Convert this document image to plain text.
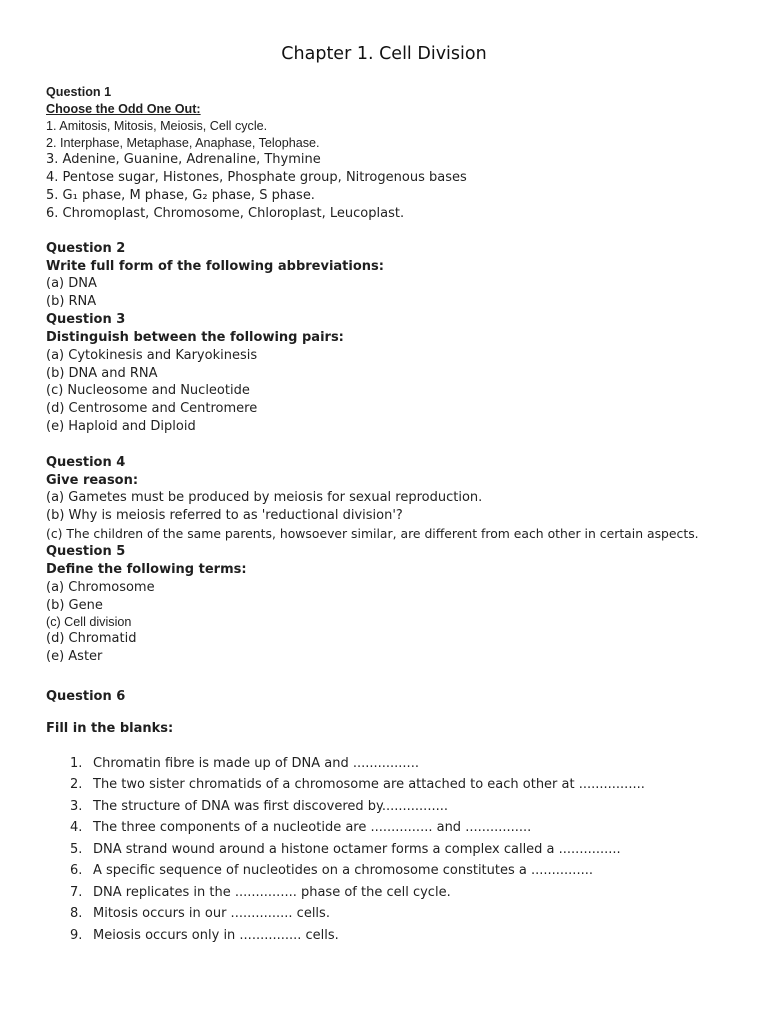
Chapter 1. Cell Division
Question 1
Choose the Odd One Out:
1. Amitosis, Mitosis, Meiosis, Cell cycle.
2. Interphase, Metaphase, Anaphase, Telophase.
3. Adenine, Guanine, Adrenaline, Thymine
4. Pentose sugar, Histones, Phosphate group, Nitrogenous bases
5. G₁ phase, M phase, G₂ phase, S phase.
6. Chromoplast, Chromosome, Chloroplast, Leucoplast.
Question 2
Write full form of the following abbreviations:
(a) DNA
(b) RNA
Question 3
Distinguish between the following pairs:
(a) Cytokinesis and Karyokinesis
(b) DNA and RNA
(c) Nucleosome and Nucleotide
(d) Centrosome and Centromere
(e) Haploid and Diploid
Question 4
Give reason:
(a) Gametes must be produced by meiosis for sexual reproduction.
(b) Why is meiosis referred to as 'reductional division'?
(c) The children of the same parents, howsoever similar, are different from each other in certain aspects.
Question 5
Define the following terms:
(a) Chromosome
(b) Gene
(c) Cell division
(d) Chromatid
(e) Aster
Question 6
Fill in the blanks:
1. Chromatin fibre is made up of DNA and ................
2. The two sister chromatids of a chromosome are attached to each other at ................
3. The structure of DNA was first discovered by................
4. The three components of a nucleotide are ............... and ................
5. DNA strand wound around a histone octamer forms a complex called a ...............
6. A specific sequence of nucleotides on a chromosome constitutes a ...............
7. DNA replicates in the ............... phase of the cell cycle.
8. Mitosis occurs in our ............... cells.
9. Meiosis occurs only in ............... cells.
